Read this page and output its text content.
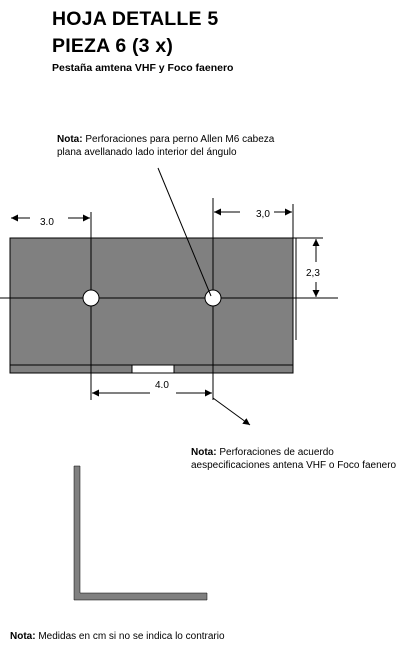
HOJA DETALLE 5
PIEZA 6 (3 x)
Pestaña amtena VHF y Foco faenero
3.0
3,0
2,3
4.0
Nota: Perforaciones para perno Allen M6 cabeza plana avellanado lado interior del ángulo
Nota: Perforaciones de acuerdo aespecificaciones antena VHF o Foco faenero
Nota: Medidas en cm si no se indica lo contrario
